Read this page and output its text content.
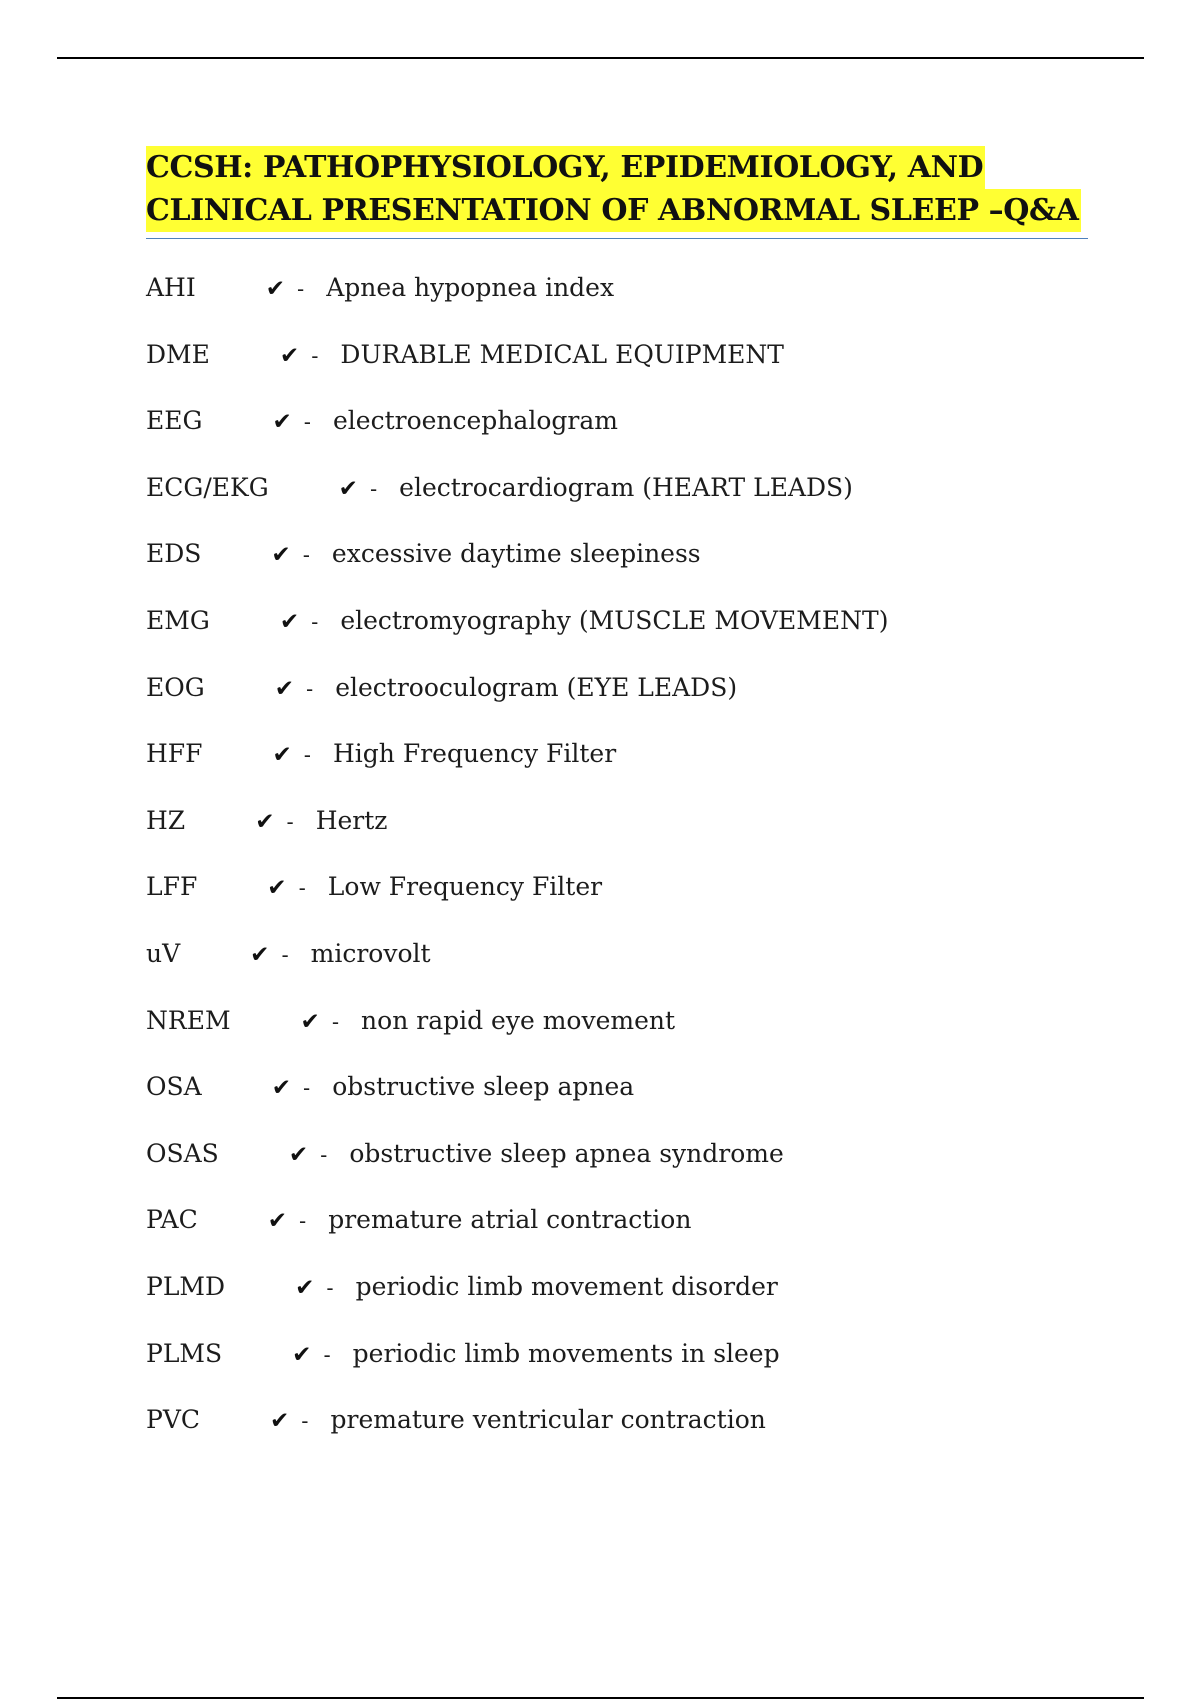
CCSH: PATHOPHYSIOLOGY, EPIDEMIOLOGY, AND
CLINICAL PRESENTATION OF ABNORMAL SLEEP –Q&A
AHI	✔ - Apnea hypopnea index
DME	✔ - DURABLE MEDICAL EQUIPMENT
EEG	✔ - electroencephalogram
ECG/EKG	✔ - electrocardiogram (HEART LEADS)
EDS	✔ - excessive daytime sleepiness
EMG	✔ - electromyography (MUSCLE MOVEMENT)
EOG	✔ - electrooculogram (EYE LEADS)
HFF	✔ - High Frequency Filter
HZ	✔ - Hertz
LFF	✔ - Low Frequency Filter
uV	✔ - microvolt
NREM	✔ - non rapid eye movement
OSA	✔ - obstructive sleep apnea
OSAS	✔ - obstructive sleep apnea syndrome
PAC	✔ - premature atrial contraction
PLMD	✔ - periodic limb movement disorder
PLMS	✔ - periodic limb movements in sleep
PVC	✔ - premature ventricular contraction
